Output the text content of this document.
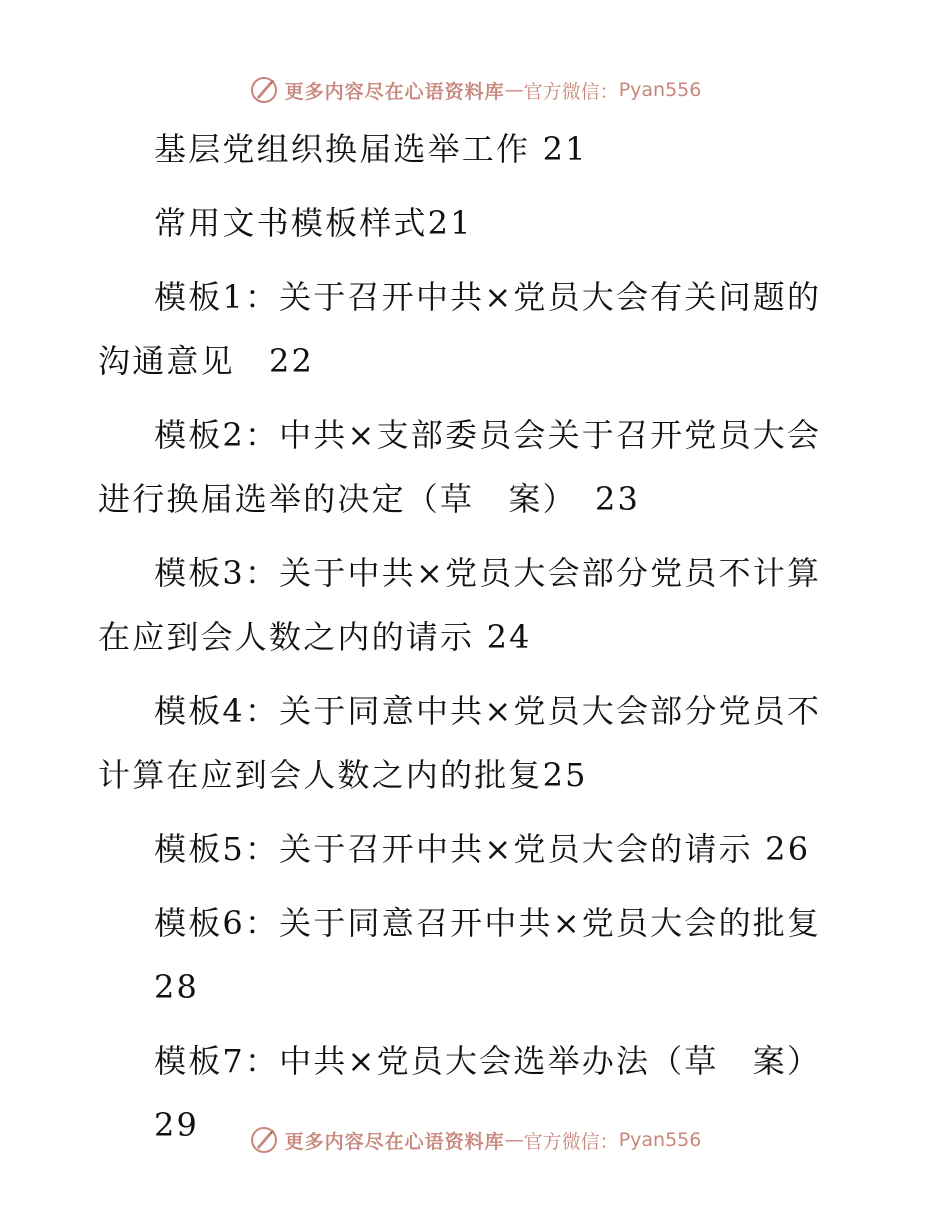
更多内容尽在心语资料库 — 官方微信： Pyan556

基层党组织换届选举工作 21

常用文书模板样式21

模板1：关于召开中共×党员大会有关问题的沟通意见　22

模板2：中共×支部委员会关于召开党员大会进行换届选举的决定（草　案）　23

模板3：关于中共×党员大会部分党员不计算在应到会人数之内的请示 24

模板4：关于同意中共×党员大会部分党员不计算在应到会人数之内的批复25

模板5：关于召开中共×党员大会的请示 26

模板6：关于同意召开中共×党员大会的批复
28

模板7：中共×党员大会选举办法（草　案）
29	更多内容尽在心语资料库 — 官方微信： Pyan556
